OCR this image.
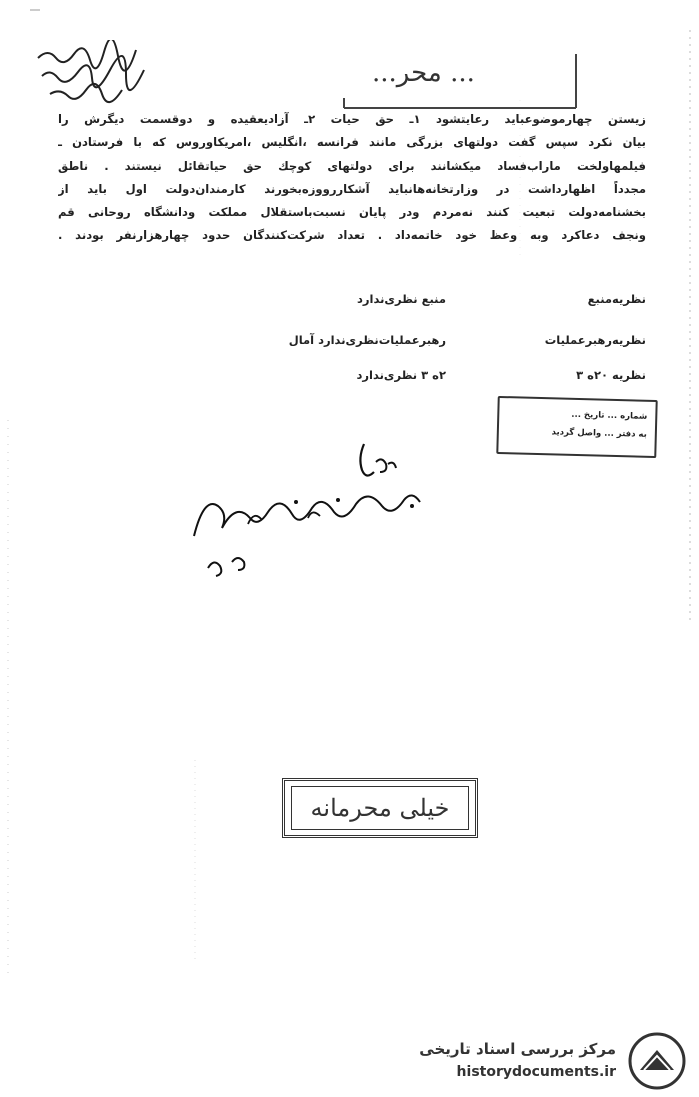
... محر...
زيستن چهارموضوعبايد رعايتشود ١ـ حق حيات ٢ـ آزادیعقيده و دوقسمت ديگرش را
بيان نكرد سپس گفت دولتهای بزرگی مانند فرانسه ،انگليس ،امريكاوروس كه با فرستادن ـ
فيلمهاولخت ماراب‌فساد ميكشانند برای دولتهای كوچك حق حياتقائل نيستند . ناطق
مجدداً اظهارداشت در وزارتخانه‌هانبايد آشكاررووزه‌بخورند كارمندان‌دولت اول بايد از
بخشنامه‌دولت تبعيت كنند نه‌مردم ودر پايان نسبت‌باستقلال مملكت ودانشگاه روحانی قم
ونجف دعاكرد وبه وعظ خود خاتمه‌داد . تعداد شركت‌كنندگان حدود چهارهزارنفر بودند .
نظريه‌منبع
منبع نظری‌ندارد
نظريه‌رهبرعمليات
رهبرعمليات‌نظری‌ندارد آمال
نظريه ٢٠ه ٣
٢ه ٣ نظری‌ندارد
شماره ... تاريخ ...
به دفتر ... واصل گرديد
خيلی محرمانه
مرکز بررسی اسناد تاریخی
historydocuments.ir
